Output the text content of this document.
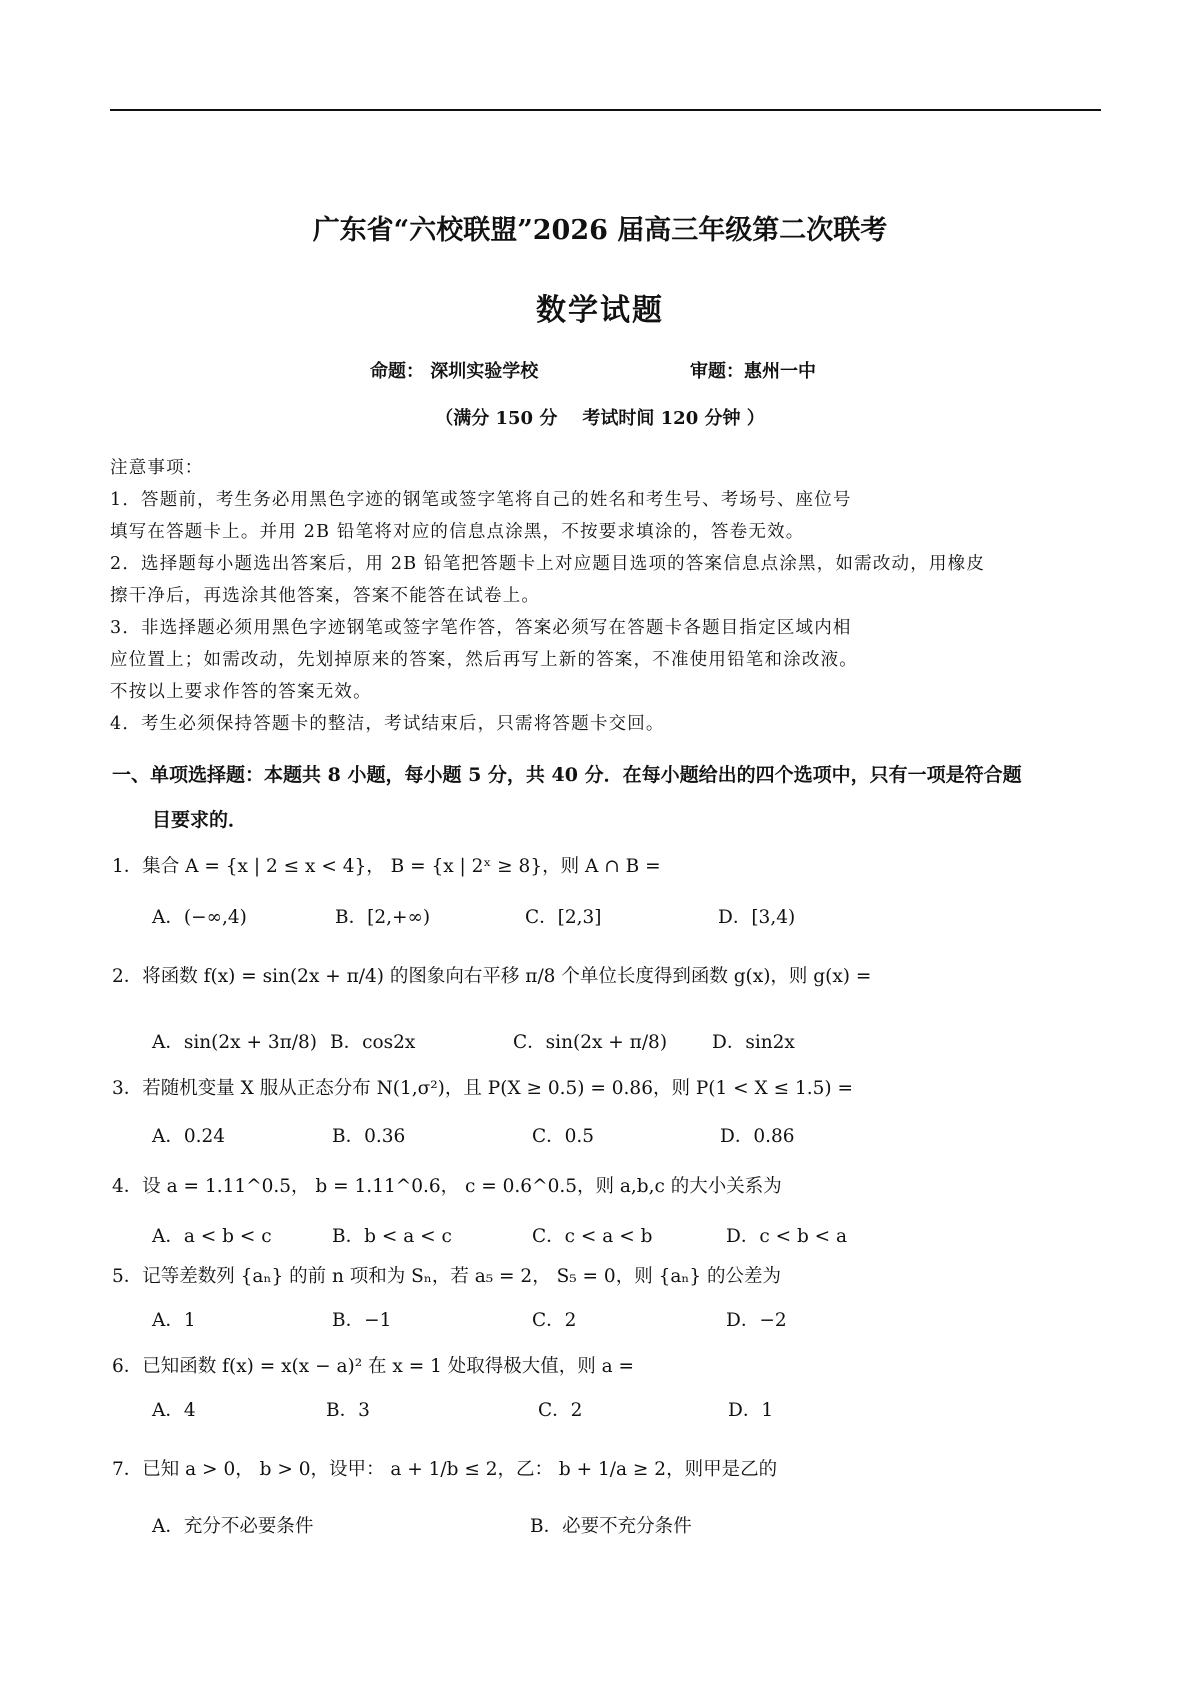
广东省“六校联盟”2026 届高三年级第二次联考
数学试题
命题： 深圳实验学校	审题：惠州一中
（满分 150 分    考试时间 120 分钟 ）
注意事项：
1．答题前，考生务必用黑色字迹的钢笔或签字笔将自己的姓名和考生号、考场号、座位号
填写在答题卡上。并用 2B 铅笔将对应的信息点涂黑，不按要求填涂的，答卷无效。
2．选择题每小题选出答案后，用 2B 铅笔把答题卡上对应题目选项的答案信息点涂黑，如需改动，用橡皮
擦干净后，再选涂其他答案，答案不能答在试卷上。
3．非选择题必须用黑色字迹钢笔或签字笔作答，答案必须写在答题卡各题目指定区域内相
应位置上；如需改动，先划掉原来的答案，然后再写上新的答案，不准使用铅笔和涂改液。
不按以上要求作答的答案无效。
4．考生必须保持答题卡的整洁，考试结束后，只需将答题卡交回。
一、单项选择题：本题共 8 小题，每小题 5 分，共 40 分．在每小题给出的四个选项中，只有一项是符合题
目要求的．
1．集合 A = {x | 2 ≤ x < 4}， B = {x | 2ˣ ≥ 8}，则 A ∩ B =
A．(−∞,4)	B．[2,+∞)	C．[2,3]	D．[3,4)
2．将函数 f(x) = sin(2x + π/4) 的图象向右平移 π/8 个单位长度得到函数 g(x)，则 g(x) =
A．sin(2x + 3π/8) B．cos2x	C．sin(2x + π/8) D．sin2x
3．若随机变量 X 服从正态分布 N(1,σ²)，且 P(X ≥ 0.5) = 0.86，则 P(1 < X ≤ 1.5) =
A．0.24	B．0.36	C．0.5	D．0.86
4．设 a = 1.11^0.5， b = 1.11^0.6， c = 0.6^0.5，则 a,b,c 的大小关系为
A．a < b < c	B．b < a < c	C．c < a < b	D．c < b < a
5．记等差数列 {aₙ} 的前 n 项和为 Sₙ，若 a₅ = 2， S₅ = 0，则 {aₙ} 的公差为
A．1	B．−1	C．2	D．−2
6．已知函数 f(x) = x(x − a)² 在 x = 1 处取得极大值，则 a =
A．4	B．3	C．2	D．1
7．已知 a > 0， b > 0，设甲： a + 1/b ≤ 2，乙： b + 1/a ≥ 2，则甲是乙的
A．充分不必要条件	B．必要不充分条件
